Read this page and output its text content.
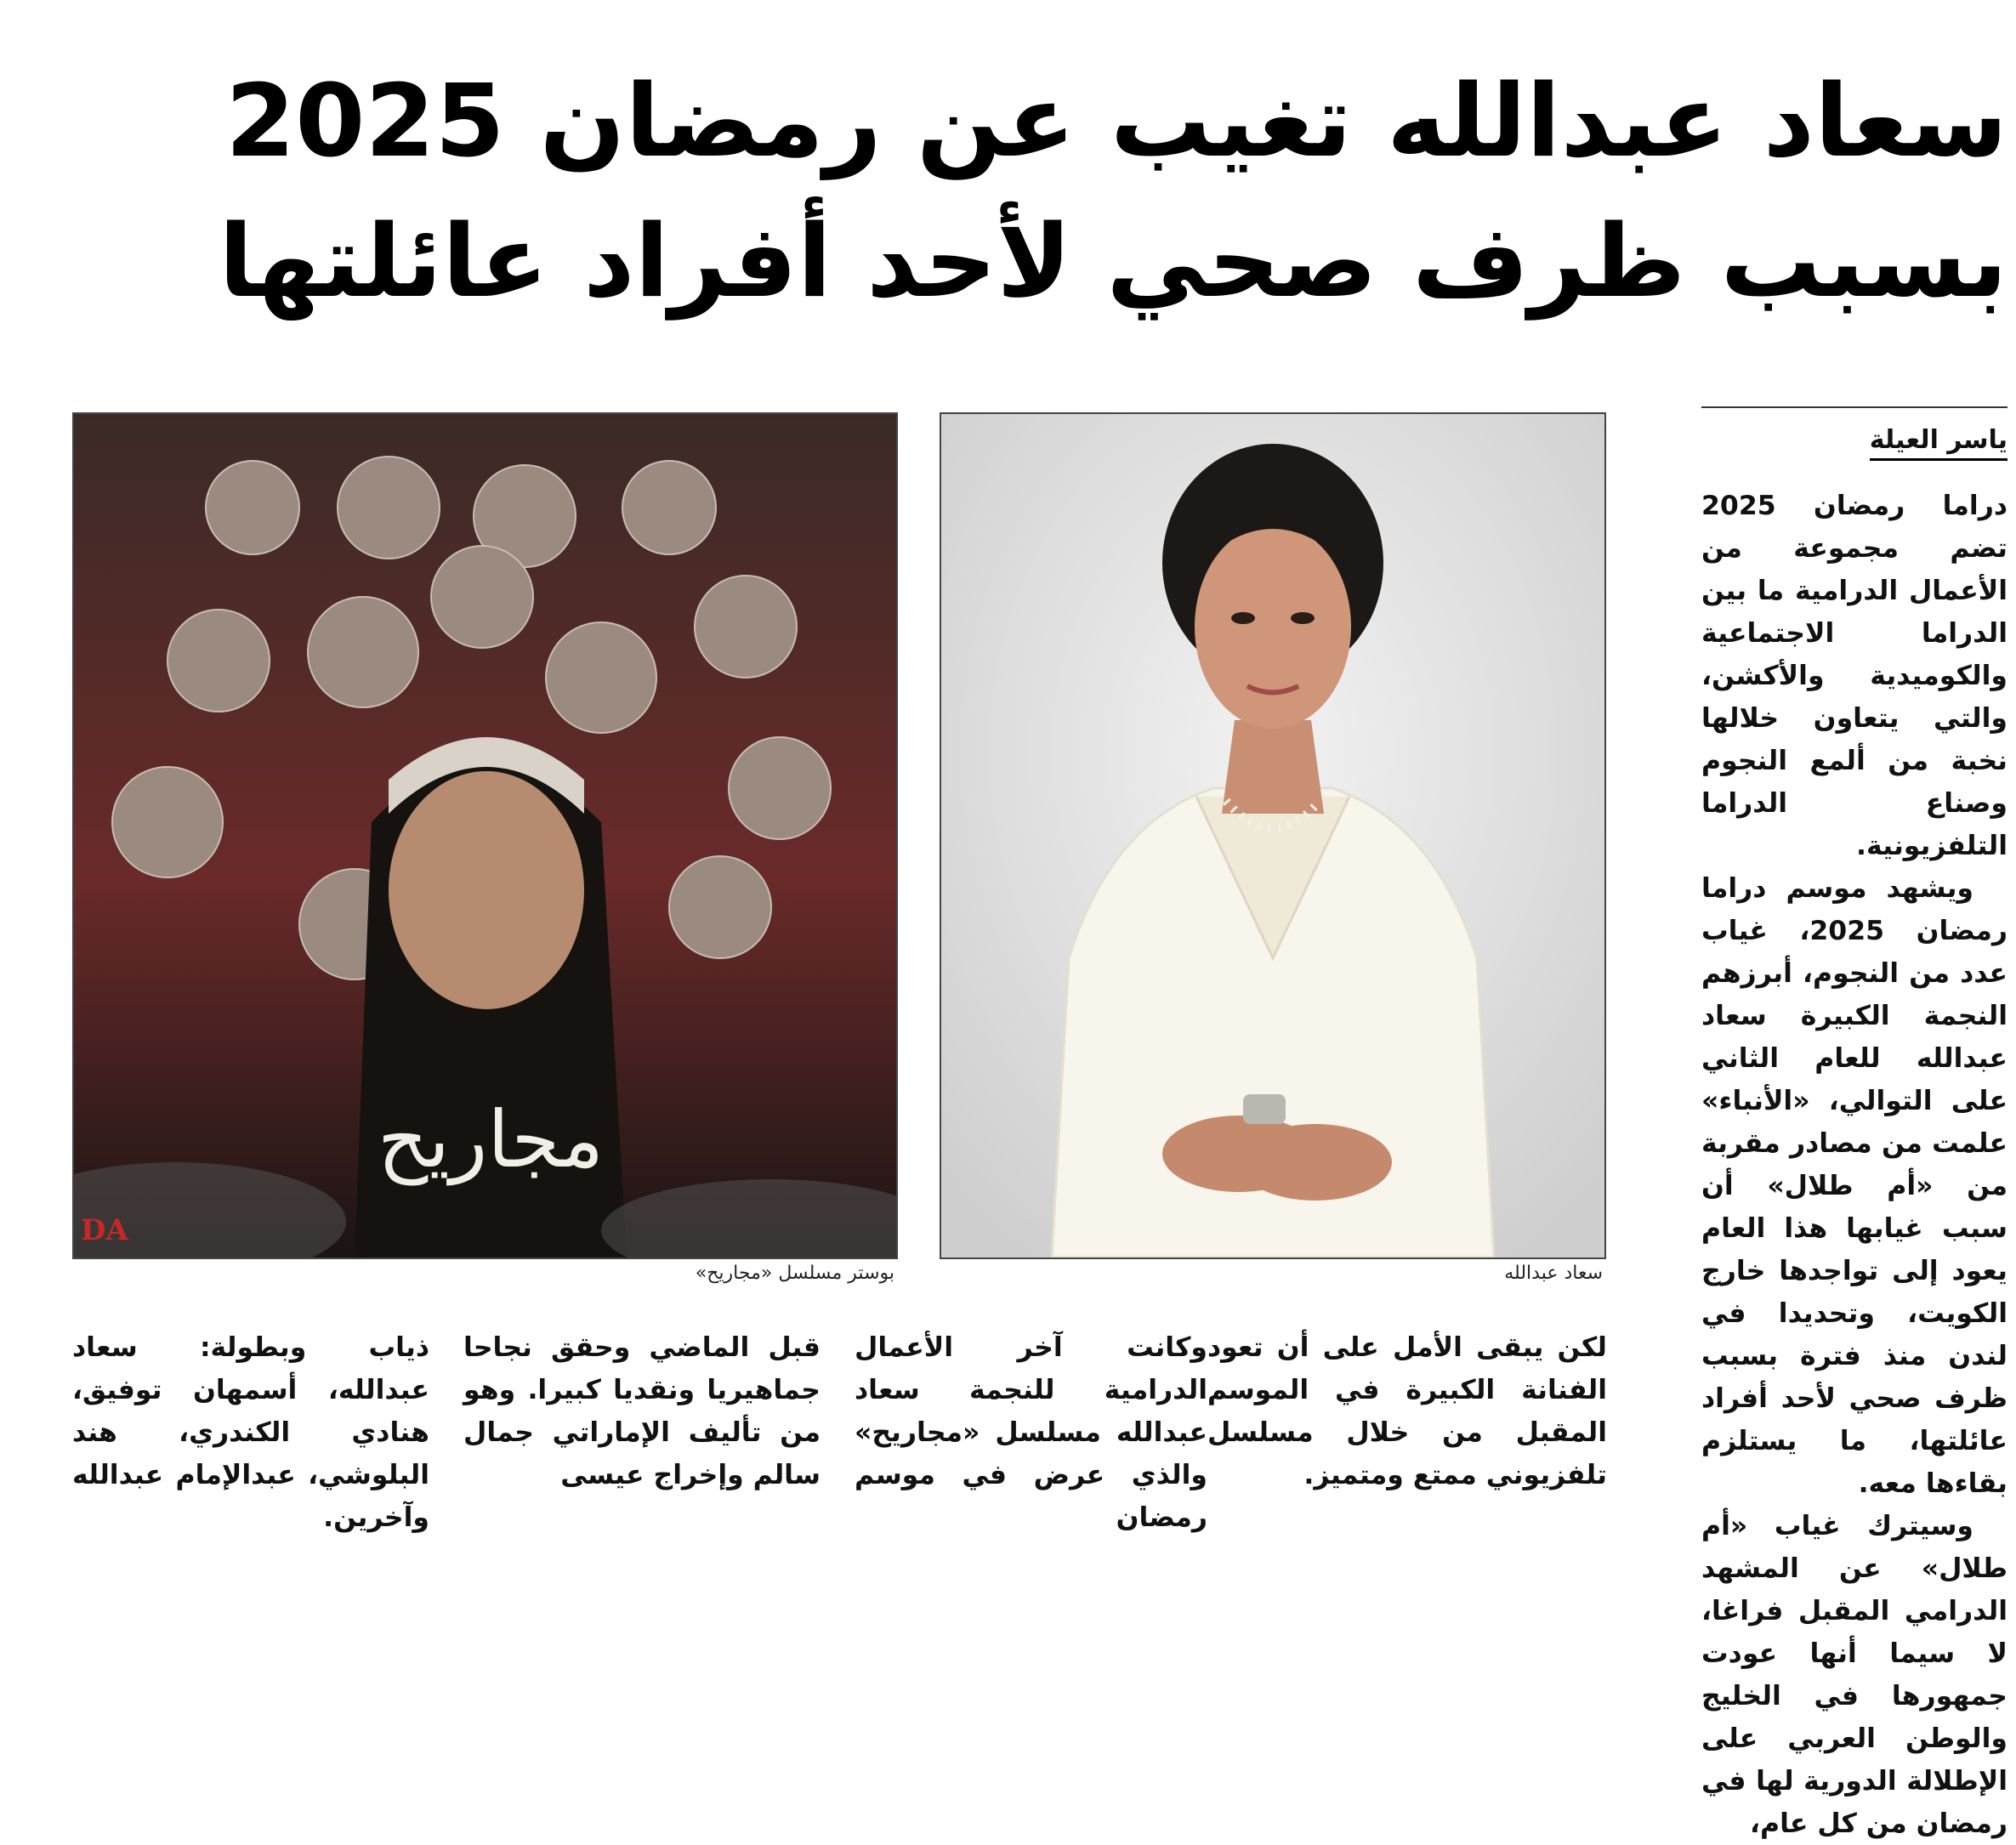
سعاد عبدالله تغيب عن رمضان 2025
بسبب ظرف صحي لأحد أفراد عائلتها
ياسر العيلة

دراما رمضان 2025 تضم مجموعة من الأعمال الدرامية ما بين الدراما الاجتماعية والكوميدية والأكشن، والتي يتعاون خلالها نخبة من ألمع النجوم وصناع الدراما التلفزيونية.

ويشهد موسم دراما رمضان 2025، غياب عدد من النجوم، أبرزهم النجمة الكبيرة سعاد عبدالله للعام الثاني على التوالي، «الأنباء» علمت من مصادر مقربة من «أم طلال» أن سبب غيابها هذا العام يعود إلى تواجدها خارج الكويت، وتحديدا في لندن منذ فترة بسبب ظرف صحي لأحد أفراد عائلتها، ما يستلزم بقاءها معه.

وسيترك غياب «أم طلال» عن المشهد الدرامي المقبل فراغا، لا سيما أنها عودت جمهورها في الخليج والوطن العربي على الإطلالة الدورية لها في رمضان من كل عام،

سعاد عبدالله
مجاريح
DA
بوستر مسلسل «مجاريح»
لكن يبقى الأمل على أن تعود الفنانة الكبيرة في الموسم المقبل من خلال مسلسل تلفزيوني ممتع ومتميز.
وكانت آخر الأعمال الدرامية للنجمة سعاد عبدالله مسلسل «مجاريح» والذي عرض في موسم رمضان
قبل الماضي وحقق نجاحا جماهيريا ونقديا كبيرا. وهو من تأليف الإماراتي جمال سالم وإخراج عيسى
ذياب وبطولة: سعاد عبدالله، أسمهان توفيق، هنادي الكندري، هند البلوشي، عبدالإمام عبدالله وآخرين.
